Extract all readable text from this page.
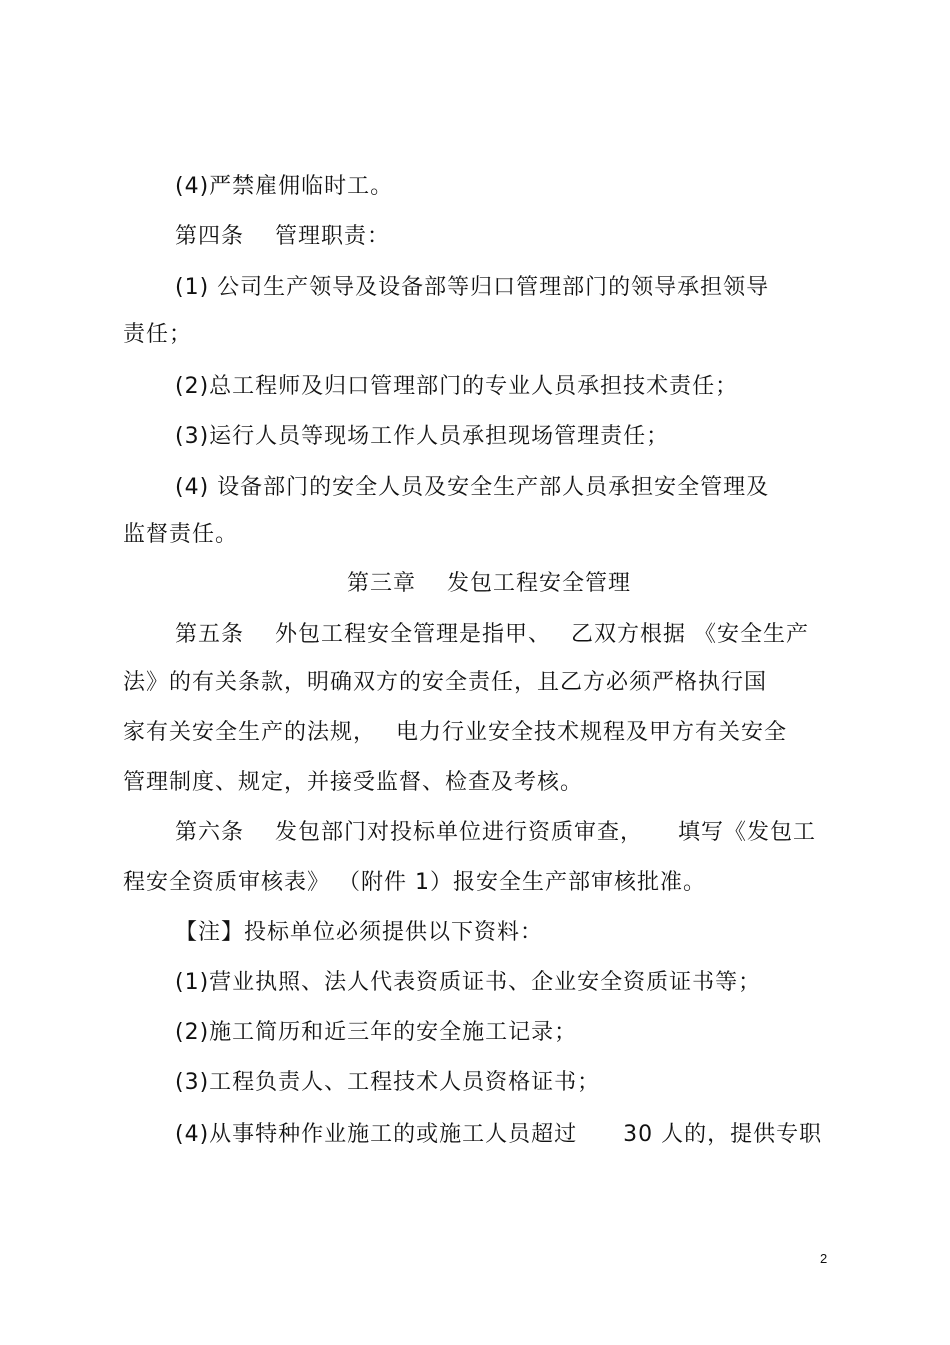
(4)严禁雇佣临时工。
第四条　 管理职责：
(1) 公司生产领导及设备部等归口管理部门的领导承担领导
责任；
(2)总工程师及归口管理部门的专业人员承担技术责任；
(3)运行人员等现场工作人员承担现场管理责任；
(4) 设备部门的安全人员及安全生产部人员承担安全管理及
监督责任。
第三章　 发包工程安全管理
第五条　 外包工程安全管理是指甲、　 乙双方根据 《安全生产
法》的有关条款，明确双方的安全责任，且乙方必须严格执行国
家有关安全生产的法规，　 电力行业安全技术规程及甲方有关安全
管理制度、规定，并接受监督、检查及考核。
第六条　 发包部门对投标单位进行资质审查，　　填写《发包工
程安全资质审核表》 （附件 1）报安全生产部审核批准。
【注】投标单位必须提供以下资料：
(1)营业执照、法人代表资质证书、企业安全资质证书等；
(2)施工简历和近三年的安全施工记录；
(3)工程负责人、工程技术人员资格证书；
(4)从事特种作业施工的或施工人员超过　　30 人的，提供专职
2
